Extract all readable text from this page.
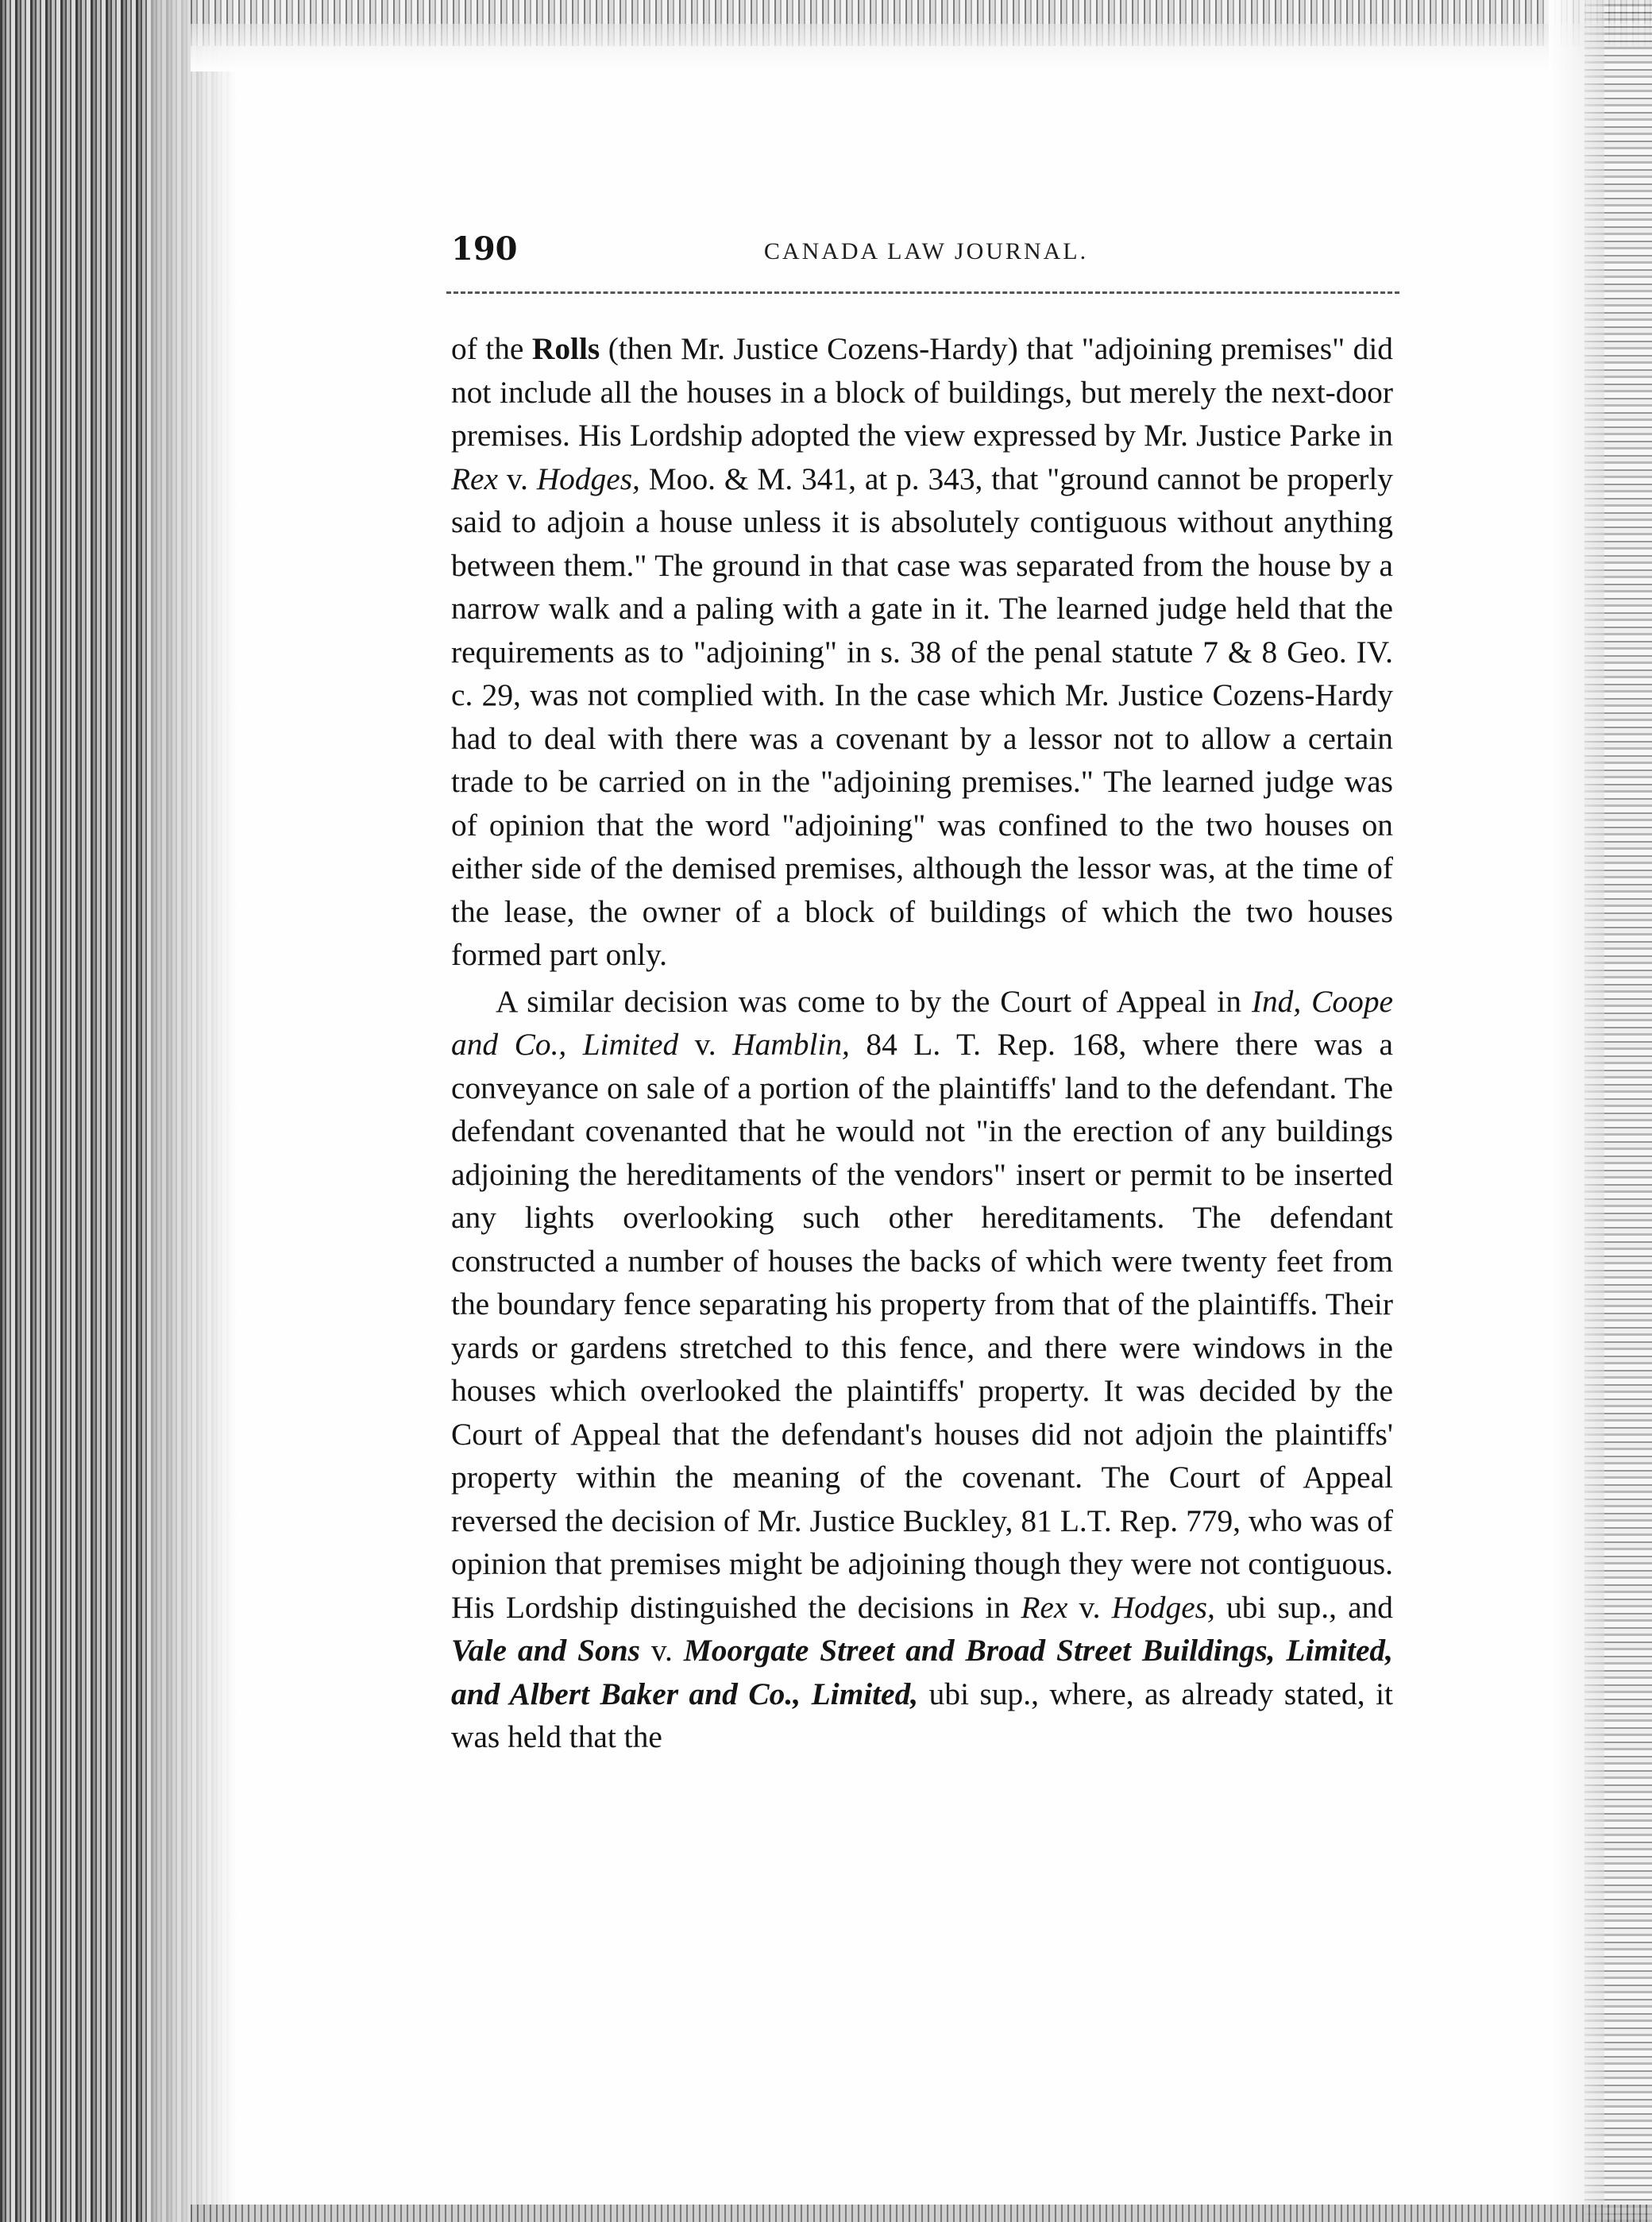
190	CANADA LAW JOURNAL.

of the Rolls (then Mr. Justice Cozens-Hardy) that "adjoining premises" did not include all the houses in a block of buildings, but merely the next-door premises. His Lordship adopted the view expressed by Mr. Justice Parke in Rex v. Hodges, Moo. & M. 341, at p. 343, that "ground cannot be properly said to adjoin a house unless it is absolutely contiguous without anything between them." The ground in that case was separated from the house by a narrow walk and a paling with a gate in it. The learned judge held that the requirements as to "adjoining" in s. 38 of the penal statute 7 & 8 Geo. IV. c. 29, was not complied with. In the case which Mr. Justice Cozens-Hardy had to deal with there was a covenant by a lessor not to allow a certain trade to be carried on in the "adjoining premises." The learned judge was of opinion that the word "adjoining" was confined to the two houses on either side of the demised premises, although the lessor was, at the time of the lease, the owner of a block of buildings of which the two houses formed part only.

A similar decision was come to by the Court of Appeal in Ind, Coope and Co., Limited v. Hamblin, 84 L. T. Rep. 168, where there was a conveyance on sale of a portion of the plaintiffs' land to the defendant. The defendant covenanted that he would not "in the erection of any buildings adjoining the hereditaments of the vendors" insert or permit to be inserted any lights overlooking such other hereditaments. The defendant constructed a number of houses the backs of which were twenty feet from the boundary fence separating his property from that of the plaintiffs. Their yards or gardens stretched to this fence, and there were windows in the houses which overlooked the plaintiffs' property. It was decided by the Court of Appeal that the defendant's houses did not adjoin the plaintiffs' property within the meaning of the covenant. The Court of Appeal reversed the decision of Mr. Justice Buckley, 81 L.T. Rep. 779, who was of opinion that premises might be adjoining though they were not contiguous. His Lordship distinguished the decisions in Rex v. Hodges, ubi sup., and Vale and Sons v. Moorgate Street and Broad Street Buildings, Limited, and Albert Baker and Co., Limited, ubi sup., where, as already stated, it was held that the
